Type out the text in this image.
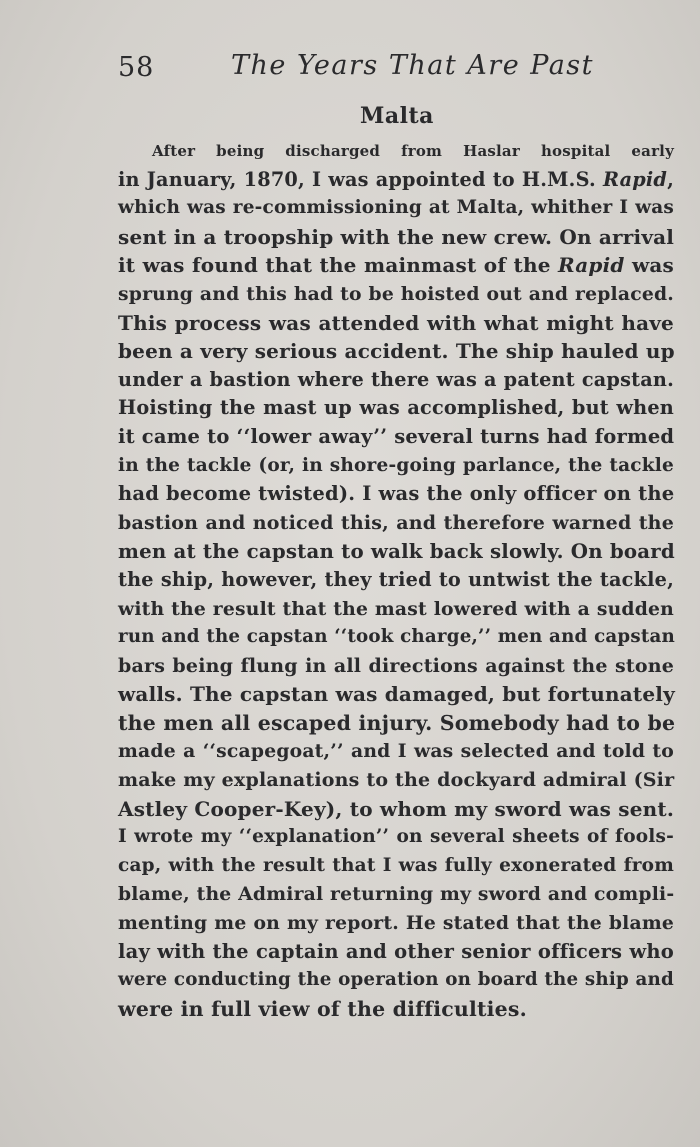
58	The Years That Are Past
Malta
After being discharged from Haslar hospital early
in January, 1870, I was appointed to H.M.S. Rapid,
which was re-commissioning at Malta, whither I was
sent in a troopship with the new crew. On arrival
it was found that the mainmast of the Rapid was
sprung and this had to be hoisted out and replaced.
This process was attended with what might have
been a very serious accident. The ship hauled up
under a bastion where there was a patent capstan.
Hoisting the mast up was accomplished, but when
it came to ‘‘lower away’’ several turns had formed
in the tackle (or, in shore-going parlance, the tackle
had become twisted). I was the only officer on the
bastion and noticed this, and therefore warned the
men at the capstan to walk back slowly. On board
the ship, however, they tried to untwist the tackle,
with the result that the mast lowered with a sudden
run and the capstan ‘‘took charge,’’ men and capstan
bars being flung in all directions against the stone
walls. The capstan was damaged, but fortunately
the men all escaped injury. Somebody had to be
made a ‘‘scapegoat,’’ and I was selected and told to
make my explanations to the dockyard admiral (Sir
Astley Cooper-Key), to whom my sword was sent.
I wrote my ‘‘explanation’’ on several sheets of fools-
cap, with the result that I was fully exonerated from
blame, the Admiral returning my sword and compli-
menting me on my report. He stated that the blame
lay with the captain and other senior officers who
were conducting the operation on board the ship and
were in full view of the difficulties.
